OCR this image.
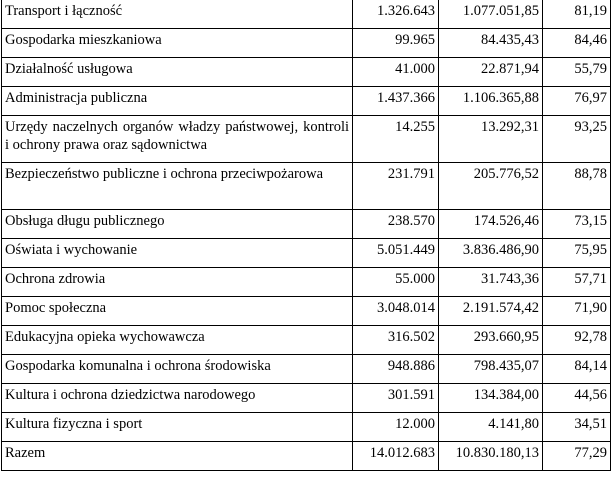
Transport i łączność	1.326.643	1.077.051,85	81,19
Gospodarka mieszkaniowa	99.965	84.435,43	84,46
Działalność usługowa	41.000	22.871,94	55,79
Administracja publiczna	1.437.366	1.106.365,88	76,97
Urzędy naczelnych organów władzy państwowej, kontroli i ochrony prawa oraz sądownictwa	14.255	13.292,31	93,25
Bezpieczeństwo publiczne i ochrona przeciwpożarowa	231.791	205.776,52	88,78
Obsługa długu publicznego	238.570	174.526,46	73,15
Oświata i wychowanie	5.051.449	3.836.486,90	75,95
Ochrona zdrowia	55.000	31.743,36	57,71
Pomoc społeczna	3.048.014	2.191.574,42	71,90
Edukacyjna opieka wychowawcza	316.502	293.660,95	92,78
Gospodarka komunalna i ochrona środowiska	948.886	798.435,07	84,14
Kultura i ochrona dziedzictwa narodowego	301.591	134.384,00	44,56
Kultura fizyczna i sport	12.000	4.141,80	34,51
Razem	14.012.683	10.830.180,13	77,29
